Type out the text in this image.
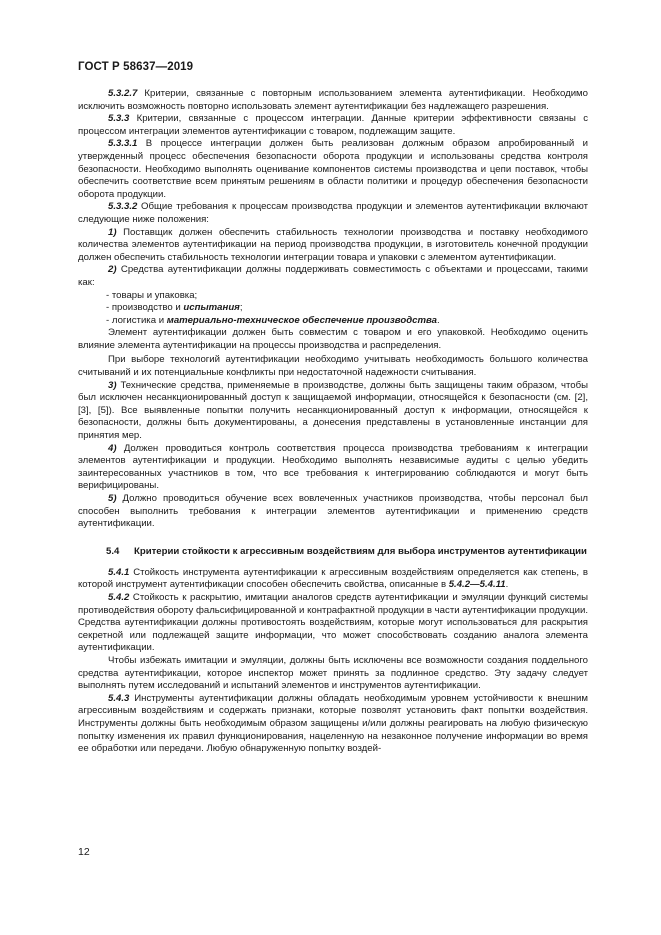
ГОСТ Р 58637—2019

5.3.2.7 Критерии, связанные с повторным использованием элемента аутентификации. Необходимо исключить возможность повторно использовать элемент аутентификации без надлежащего разрешения.

5.3.3 Критерии, связанные с процессом интеграции. Данные критерии эффективности связаны с процессом интеграции элементов аутентификации с товаром, подлежащим защите.

5.3.3.1 В процессе интеграции должен быть реализован должным образом апробированный и утвержденный процесс обеспечения безопасности оборота продукции и использованы средства контроля безопасности. Необходимо выполнять оценивание компонентов системы производства и цепи поставок, чтобы обеспечить соответствие всем принятым решениям в области политики и процедур обеспечения безопасности оборота продукции.

5.3.3.2 Общие требования к процессам производства продукции и элементов аутентификации включают следующие ниже положения:

1) Поставщик должен обеспечить стабильность технологии производства и поставку необходимого количества элементов аутентификации на период производства продукции, в изготовитель конечной продукции должен обеспечить стабильность технологии интеграции товара и упаковки с элементом аутентификации.

2) Средства аутентификации должны поддерживать совместимость с объектами и процессами, такими как:

- товары и упаковка;

- производство и испытания;

- логистика и материально-техническое обеспечение производства.

Элемент аутентификации должен быть совместим с товаром и его упаковкой. Необходимо оценить влияние элемента аутентификации на процессы производства и распределения.

При выборе технологий аутентификации необходимо учитывать необходимость большого количества считываний и их потенциальные конфликты при недостаточной надежности считывания.

3) Технические средства, применяемые в производстве, должны быть защищены таким образом, чтобы был исключен несанкционированный доступ к защищаемой информации, относящейся к безопасности (см. [2], [3], [5]). Все выявленные попытки получить несанкционированный доступ к информации, относящейся к безопасности, должны быть документированы, а донесения представлены в установленные инстанции для принятия мер.

4) Должен проводиться контроль соответствия процесса производства требованиям к интеграции элементов аутентификации и продукции. Необходимо выполнять независимые аудиты с целью убедить заинтересованных участников в том, что все требования к интегрированию соблюдаются и могут быть верифицированы.

5) Должно проводиться обучение всех вовлеченных участников производства, чтобы персонал был способен выполнить требования к интеграции элементов аутентификации и применению средств аутентификации.

5.4 Критерии стойкости к агрессивным воздействиям для выбора инструментов аутентификации

5.4.1 Стойкость инструмента аутентификации к агрессивным воздействиям определяется как степень, в которой инструмент аутентификации способен обеспечить свойства, описанные в 5.4.2—5.4.11.

5.4.2 Стойкость к раскрытию, имитации аналогов средств аутентификации и эмуляции функций системы противодействия обороту фальсифицированной и контрафактной продукции в части аутентификации продукции. Средства аутентификации должны противостоять воздействиям, которые могут использоваться для раскрытия секретной или подлежащей защите информации, что может способствовать созданию аналога элемента аутентификации.

Чтобы избежать имитации и эмуляции, должны быть исключены все возможности создания поддельного средства аутентификации, которое инспектор может принять за подлинное средство. Эту задачу следует выполнять путем исследований и испытаний элементов и инструментов аутентификации.

5.4.3 Инструменты аутентификации должны обладать необходимым уровнем устойчивости к внешним агрессивным воздействиям и содержать признаки, которые позволят установить факт попытки воздействия. Инструменты должны быть необходимым образом защищены и/или должны реагировать на любую физическую попытку изменения их правил функционирования, нацеленную на незаконное получение информации во время ее обработки или передачи. Любую обнаруженную попытку воздей-

12
